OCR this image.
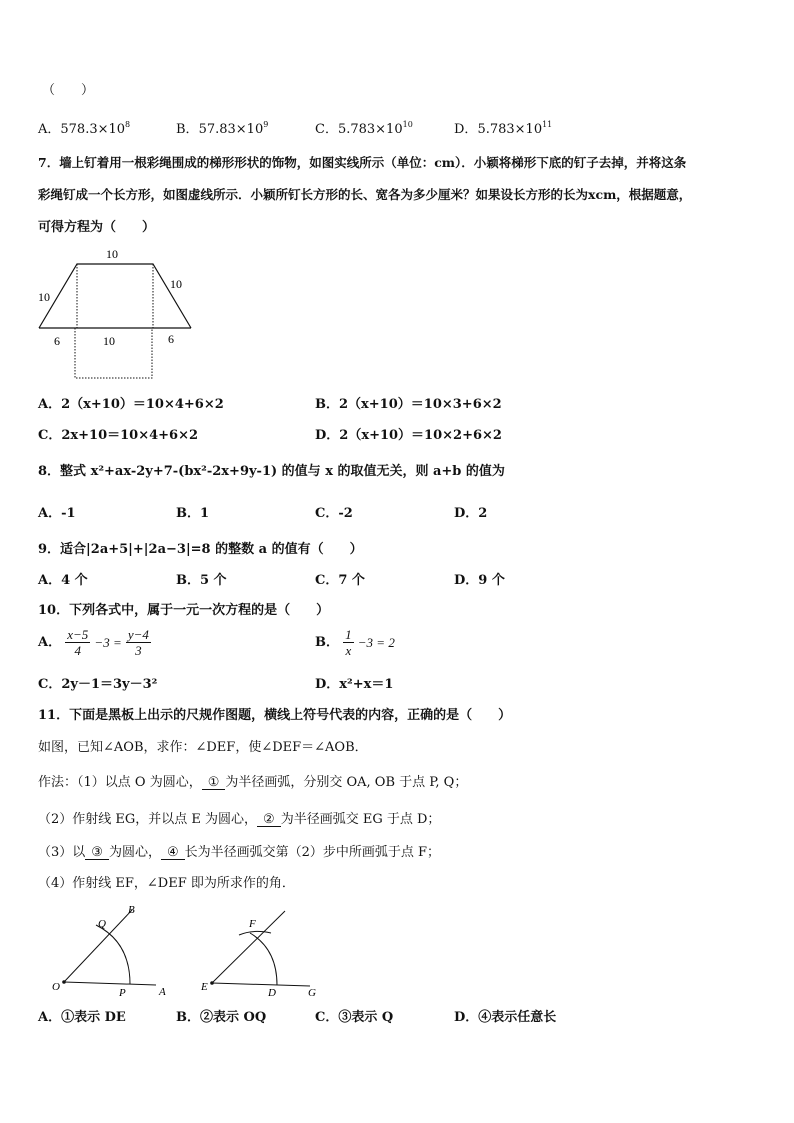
（　　）
A．$578.3\times 10^8$	B．$57.83\times 10^9$	C．$5.783\times 10^{10}$	D．$5.783\times 10^{11}$
7．墙上钉着用一根彩绳围成的梯形形状的饰物，如图实线所示（单位：cm）．小颖将梯形下底的钉子去掉，并将这条
彩绳钉成一个长方形，如图虚线所示．小颖所钉长方形的长、宽各为多少厘米？如果设长方形的长为xcm，根据题意，
可得方程为（　　）
10
10
10
6	10	6
A．2（x+10）＝10×4+6×2	B．2（x+10）＝10×3+6×2
C．2x+10＝10×4+6×2	D．2（x+10）＝10×2+6×2
8．整式 x²+ax-2y+7-(bx²-2x+9y-1) 的值与 x 的取值无关，则 a+b 的值为
A．-1	B．1	C．-2	D．2
9．适合|2a+5|+|2a−3|=8 的整数 a 的值有（　　）
A．4 个	B．5 个	C．7 个	D．9 个
10．下列各式中，属于一元一次方程的是（　　）
A． $\frac{x-5}{4} -3 = \frac{y-4}{3}$	B． $\frac{1}{x} -3 = 2$
C．2y－1＝3y－3²	D．x²+x＝1
11．下面是黑板上出示的尺规作图题，横线上符号代表的内容，正确的是（　　）
如图，已知∠AOB，求作：∠DEF，使∠DEF＝∠AOB．
作法：（1）以点 O 为圆心， ① 为半径画弧，分别交 OA, OB 于点 P, Q；
（2）作射线 EG，并以点 E 为圆心， ② 为半径画弧交 EG 于点 D；
（3）以 ③ 为圆心， ④ 长为半径画弧交第（2）步中所画弧于点 F；
（4）作射线 EF，∠DEF 即为所求作的角．
O	P	A
Q
B
E	D	G
F
A．①表示 DE	B．②表示 OQ	C．③表示 Q	D．④表示任意长
